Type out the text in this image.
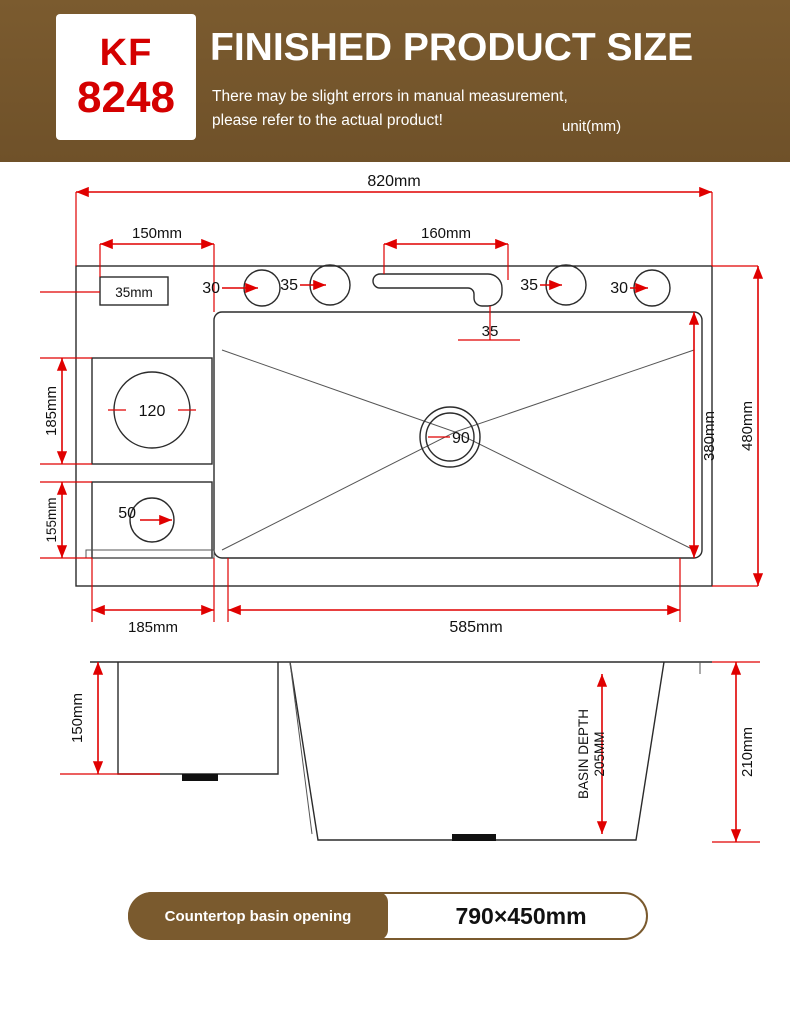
KF
8248
FINISHED PRODUCT SIZE
There may be slight errors in manual measurement,
please refer to the actual product!	unit(mm)
820mm
150mm
35mm
160mm
35
30	35	35	30
90
120
50
185mm
155mm
380mm 480mm
185mm	585mm
150mm	BASIN DEPTH 205MM	210mm
Countertop basin opening	790×450mm
